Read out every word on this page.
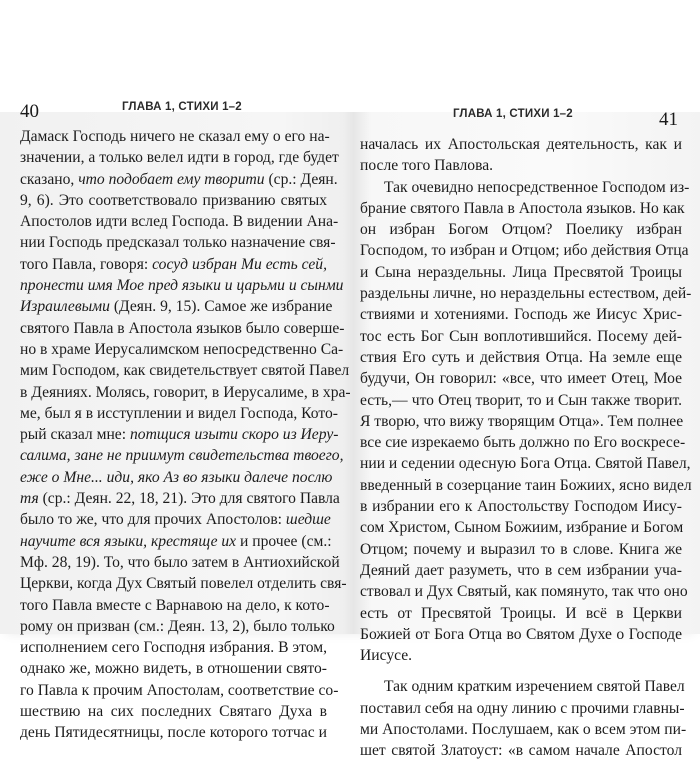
40	ГЛАВА 1, СТИХИ 1–2
Дамаск Господь ничего не сказал ему о его на-
значении, а только велел идти в город, где будет
сказано, что подобает ему творити (ср.: Деян.
9, 6). Это соответствовало призванию святых
Апостолов идти вслед Господа. В видении Ана-
нии Господь предсказал только назначение свя-
того Павла, говоря: сосуд избран Ми есть сей,
пронести имя Мое пред языки и царьми и сынми
Израилевыми (Деян. 9, 15). Самое же избрание
святого Павла в Апостола языков было соверше-
но в храме Иерусалимском непосредственно Са-
мим Господом, как свидетельствует святой Павел
в Деяниях. Молясь, говорит, в Иерусалиме, в хра-
ме, был я в исступлении и видел Господа, Кото-
рый сказал мне: потщися изыти скоро из Иеру-
салима, зане не приимут свидетельства твоего,
еже о Мне... иди, яко Аз во языки далече послю
тя (ср.: Деян. 22, 18, 21). Это для святого Павла
было то же, что для прочих Апостолов: шедше
научите вся языки, крестяще их и прочее (см.:
Мф. 28, 19). То, что было затем в Антиохийской
Церкви, когда Дух Святый повелел отделить свя-
того Павла вместе с Варнавою на дело, к кото-
рому он призван (см.: Деян. 13, 2), было только
исполнением сего Господня избрания. В этом,
однако же, можно видеть, в отношении свято-
го Павла к прочим Апостолам, соответствие со-
шествию на сих последних Святаго Духа в
день Пятидесятницы, после которого тотчас и
41
ГЛАВА 1, СТИХИ 1–2
началась их Апостольская деятельность, как и
после того Павлова.
Так очевидно непосредственное Господом из-
брание святого Павла в Апостола языков. Но как
он избран Богом Отцом? Поелику избран
Господом, то избран и Отцом; ибо действия Отца
и Сына нераздельны. Лица Пресвятой Троицы
раздельны личне, но нераздельны естеством, дей-
ствиями и хотениями. Господь же Иисус Хрис-
тос есть Бог Сын воплотившийся. Посему дей-
ствия Его суть и действия Отца. На земле еще
будучи, Он говорил: «все, что имеет Отец, Мое
есть,— что Отец творит, то и Сын также творит.
Я творю, что вижу творящим Отца». Тем полнее
все сие изрекаемо быть должно по Его воскресе-
нии и седении одесную Бога Отца. Святой Павел,
введенный в созерцание таин Божиих, ясно видел
в избрании его к Апостольству Господом Иису-
сом Христом, Сыном Божиим, избрание и Богом
Отцом; почему и выразил то в слове. Книга же
Деяний дает разуметь, что в сем избрании уча-
ствовал и Дух Святый, как помянуто, так что оно
есть от Пресвятой Троицы. И всё в Церкви
Божией от Бога Отца во Святом Духе о Господе
Иисусе.
Так одним кратким изречением святой Павел
поставил себя на одну линию с прочими главны-
ми Апостолами. Послушаем, как о всем этом пи-
шет святой Златоуст: «в самом начале Апостол
